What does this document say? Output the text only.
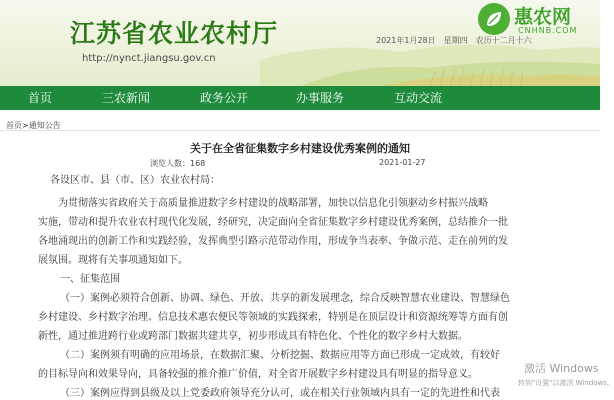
江苏省农业农村厅
http://nynct.jiangsu.gov.cn
2021年1月28日　星期四　农历十二月十六
惠农网
CNHNB.COM
首页	三农新闻	政务公开	办事服务	互动交流
首页>通知公告
关于在全省征集数字乡村建设优秀案例的通知
浏览人数：168	2021-01-27
各设区市、县（市、区）农业农村局：
为贯彻落实省政府关于高质量推进数字乡村建设的战略部署，加快以信息化引领驱动乡村振兴战略
实施，带动和提升农业农村现代化发展，经研究，决定面向全省征集数字乡村建设优秀案例，总结推介一批
各地涌现出的创新工作和实践经验，发挥典型引路示范带动作用，形成争当表率、争做示范、走在前列的发
展氛围。现将有关事项通知如下。
一、征集范围
（一）案例必须符合创新、协调、绿色、开放、共享的新发展理念，综合反映智慧农业建设、智慧绿色
乡村建设、乡村数字治理、信息技术惠农便民等领域的实践探索，特别是在顶层设计和资源统筹等方面有创
新性，通过推进跨行业或跨部门数据共建共享，初步形成具有特色化、个性化的数字乡村大数据。
（二）案例须有明确的应用场景，在数据汇聚、分析挖掘、数据应用等方面已形成一定成效，有较好
的目标导向和效果导向，具备较强的推介推广价值，对全省开展数字乡村建设具有明显的指导意义。
（三）案例应得到县级及以上党委政府领导充分认可，或在相关行业领域内具有一定的先进性和代表
激活 Windows
转到"设置"以激活 Windows。
